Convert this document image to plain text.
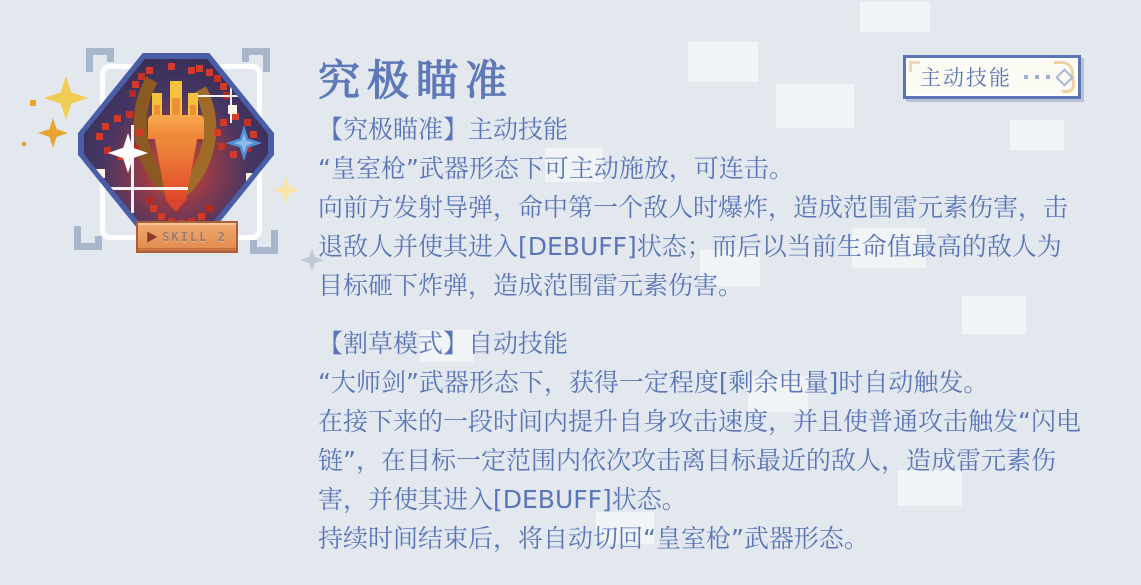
SKILL 2
究极瞄准	主动技能

【究极瞄准】主动技能

“皇室枪”武器形态下可主动施放，可连击。

向前方发射导弹，命中第一个敌人时爆炸，造成范围雷元素伤害，击退敌人并使其进入[DEBUFF]状态；而后以当前生命值最高的敌人为目标砸下炸弹，造成范围雷元素伤害。

【割草模式】自动技能

“大师剑”武器形态下，获得一定程度[剩余电量]时自动触发。

在接下来的一段时间内提升自身攻击速度，并且使普通攻击触发“闪电链”，在目标一定范围内依次攻击离目标最近的敌人，造成雷元素伤害，并使其进入[DEBUFF]状态。

持续时间结束后，将自动切回“皇室枪”武器形态。
